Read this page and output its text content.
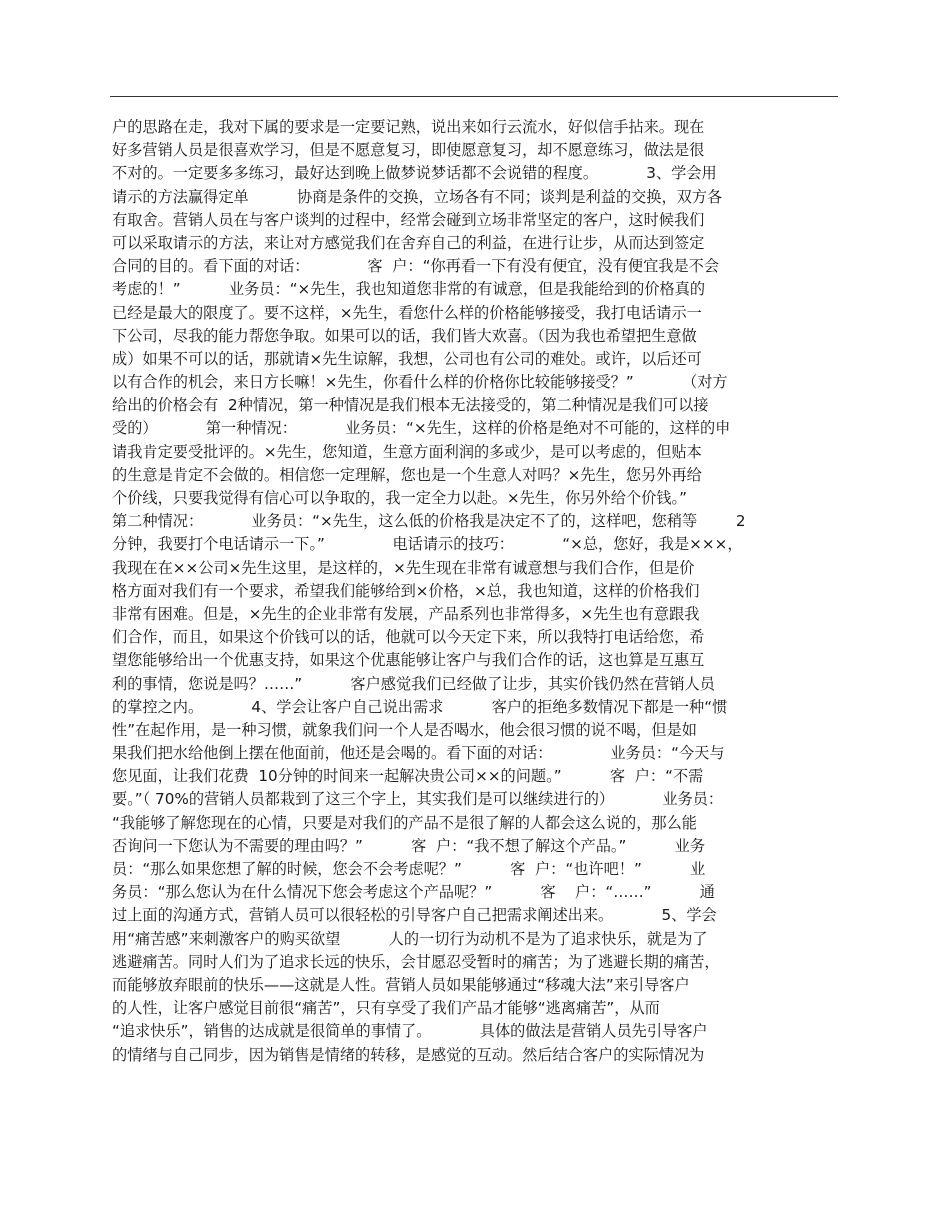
户的思路在走，我对下属的要求是一定要记熟，说出来如行云流水，好似信手拈来。现在
好多营销人员是很喜欢学习，但是不愿意复习，即使愿意复习，却不愿意练习，做法是很
不对的。一定要多多练习，最好达到晚上做梦说梦话都不会说错的程度。          3、学会用
请示的方法赢得定单          协商是条件的交换，立场各有不同；谈判是利益的交换，双方各
有取舍。营销人员在与客户谈判的过程中，经常会碰到立场非常坚定的客户，这时候我们
可以采取请示的方法，来让对方感觉我们在舍弃自己的利益，在进行让步，从而达到签定
合同的目的。看下面的对话：            客  户：“你再看一下有没有便宜，没有便宜我是不会
考虑的！”          业务员：“×先生，我也知道您非常的有诚意，但是我能给到的价格真的
已经是最大的限度了。要不这样，×先生，看您什么样的价格能够接受，我打电话请示一
下公司，尽我的能力帮您争取。如果可以的话，我们皆大欢喜。（因为我也希望把生意做
成）如果不可以的话，那就请×先生谅解，我想，公司也有公司的难处。或许，以后还可
以有合作的机会，来日方长嘛！×先生，你看什么样的价格你比较能够接受？”          （对方
给出的价格会有  2种情况，第一种情况是我们根本无法接受的，第二种情况是我们可以接
受的）          第一种情况：          业务员：“×先生，这样的价格是绝对不可能的，这样的申
请我肯定要受批评的。×先生，您知道，生意方面利润的多或少，是可以考虑的，但贴本
的生意是肯定不会做的。相信您一定理解，您也是一个生意人对吗？×先生，您另外再给
个价线，只要我觉得有信心可以争取的，我一定全力以赴。×先生，你另外给个价钱。”
第二种情况：          业务员：“×先生，这么低的价格我是决定不了的，这样吧，您稍等        2
分钟，我要打个电话请示一下。”              电话请示的技巧：          “×总，您好，我是×××，
我现在在××公司×先生这里，是这样的，×先生现在非常有诚意想与我们合作，但是价
格方面对我们有一个要求，希望我们能够给到×价格，×总，我也知道，这样的价格我们
非常有困难。但是，×先生的企业非常有发展，产品系列也非常得多，×先生也有意跟我
们合作，而且，如果这个价钱可以的话，他就可以今天定下来，所以我特打电话给您，希
望您能够给出一个优惠支持，如果这个优惠能够让客户与我们合作的话，这也算是互惠互
利的事情，您说是吗？……”          客户感觉我们已经做了让步，其实价钱仍然在营销人员
的掌控之内。          4、学会让客户自己说出需求          客户的拒绝多数情况下都是一种“惯
性”在起作用，是一种习惯，就象我们问一个人是否喝水，他会很习惯的说不喝，但是如
果我们把水给他倒上摆在他面前，他还是会喝的。看下面的对话：            业务员：“今天与
您见面，让我们花费  10分钟的时间来一起解决贵公司××的问题。”          客  户：“不需
要。”（ 70%的营销人员都栽到了这三个字上，其实我们是可以继续进行的）          业务员：
“我能够了解您现在的心情，只要是对我们的产品不是很了解的人都会这么说的，那么能
否询问一下您认为不需要的理由吗？”          客  户：“我不想了解这个产品。”          业务
员：“那么如果您想了解的时候，您会不会考虑呢？”          客  户：“也许吧！”          业
务员：“那么您认为在什么情况下您会考虑这个产品呢？”          客    户：“……”          通
过上面的沟通方式，营销人员可以很轻松的引导客户自己把需求阐述出来。          5、学会
用“痛苦感”来刺激客户的购买欲望          人的一切行为动机不是为了追求快乐，就是为了
逃避痛苦。同时人们为了追求长远的快乐，会甘愿忍受暂时的痛苦；为了逃避长期的痛苦，
而能够放弃眼前的快乐——这就是人性。营销人员如果能够通过“移魂大法”来引导客户
的人性，让客户感觉目前很“痛苦”，只有享受了我们产品才能够“逃离痛苦”，从而
“追求快乐”，销售的达成就是很简单的事情了。          具体的做法是营销人员先引导客户
的情绪与自己同步，因为销售是情绪的转移，是感觉的互动。然后结合客户的实际情况为
